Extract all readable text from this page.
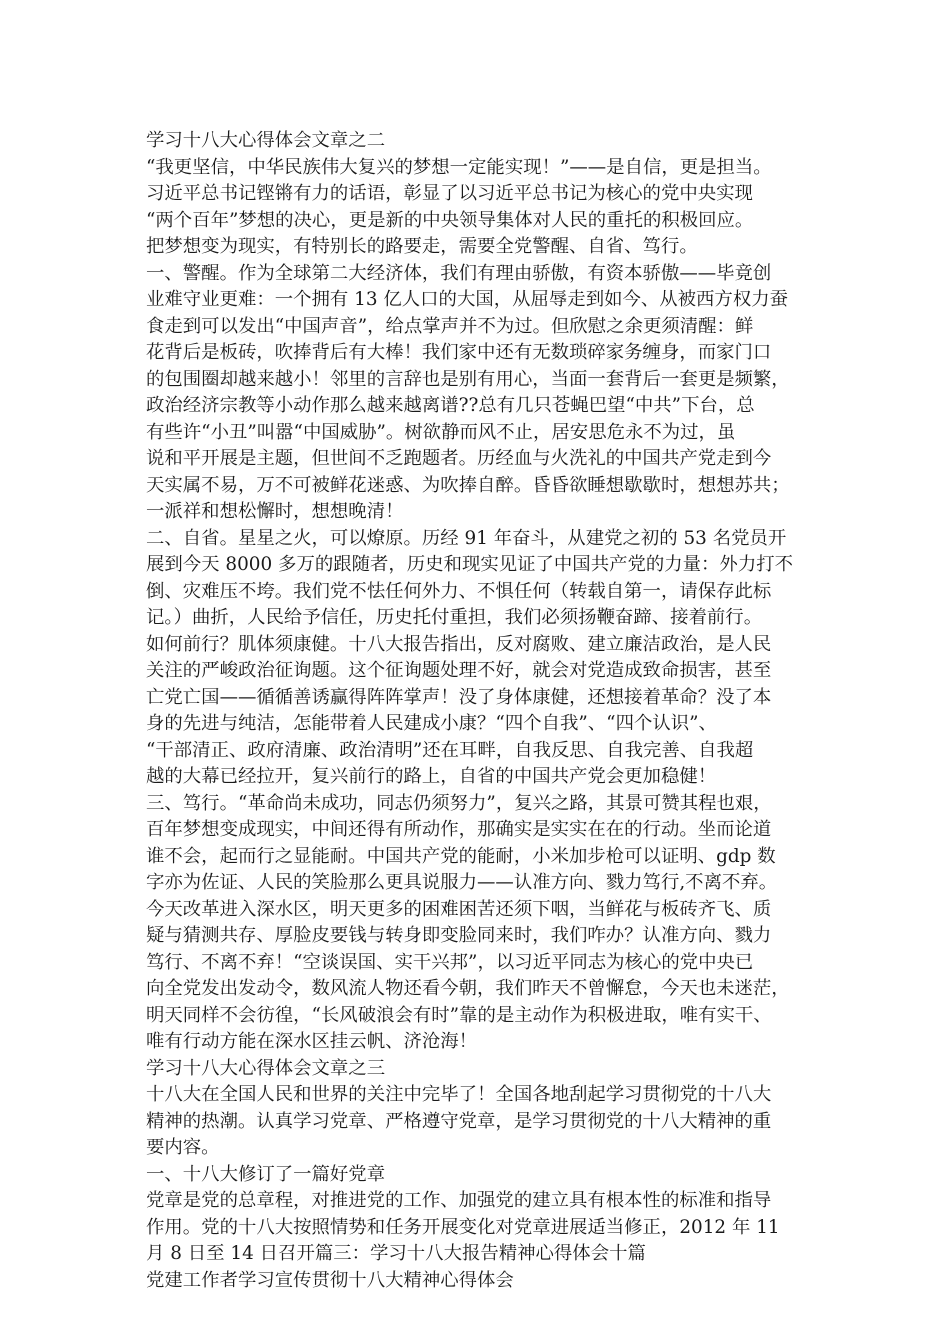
学习十八大心得体会文章之二
“我更坚信，中华民族伟大复兴的梦想一定能实现！”——是自信，更是担当。
习近平总书记铿锵有力的话语，彰显了以习近平总书记为核心的党中央实现
“两个百年”梦想的决心，更是新的中央领导集体对人民的重托的积极回应。
把梦想变为现实，有特别长的路要走，需要全党警醒、自省、笃行。
一、警醒。作为全球第二大经济体，我们有理由骄傲，有资本骄傲——毕竟创
业难守业更难：一个拥有 13 亿人口的大国，从屈辱走到如今、从被西方权力蚕
食走到可以发出“中国声音”，给点掌声并不为过。但欣慰之余更须清醒：鲜
花背后是板砖，吹捧背后有大棒！我们家中还有无数琐碎家务缠身，而家门口
的包围圈却越来越小！邻里的言辞也是别有用心，当面一套背后一套更是频繁，
政治经济宗教等小动作那么越来越离谱??总有几只苍蝇巴望“中共”下台，总
有些许“小丑”叫嚣“中国威胁”。树欲静而风不止，居安思危永不为过，虽
说和平开展是主题，但世间不乏跑题者。历经血与火洗礼的中国共产党走到今
天实属不易，万不可被鲜花迷惑、为吹捧自醉。昏昏欲睡想歇歇时，想想苏共；
一派祥和想松懈时，想想晚清！
二、自省。星星之火，可以燎原。历经 91 年奋斗，从建党之初的 53 名党员开
展到今天 8000 多万的跟随者，历史和现实见证了中国共产党的力量：外力打不
倒、灾难压不垮。我们党不怯任何外力、不惧任何（转载自第一，请保存此标
记。）曲折，人民给予信任，历史托付重担，我们必须扬鞭奋蹄、接着前行。
如何前行？肌体须康健。十八大报告指出，反对腐败、建立廉洁政治，是人民
关注的严峻政治征询题。这个征询题处理不好，就会对党造成致命损害，甚至
亡党亡国——循循善诱赢得阵阵掌声！没了身体康健，还想接着革命？没了本
身的先进与纯洁，怎能带着人民建成小康？“四个自我”、“四个认识”、
“干部清正、政府清廉、政治清明”还在耳畔，自我反思、自我完善、自我超
越的大幕已经拉开，复兴前行的路上，自省的中国共产党会更加稳健！
三、笃行。“革命尚未成功，同志仍须努力”，复兴之路，其景可赞其程也艰，
百年梦想变成现实，中间还得有所动作，那确实是实实在在的行动。坐而论道
谁不会，起而行之显能耐。中国共产党的能耐，小米加步枪可以证明、gdp 数
字亦为佐证、人民的笑脸那么更具说服力——认准方向、戮力笃行,不离不弃。
今天改革进入深水区，明天更多的困难困苦还须下咽，当鲜花与板砖齐飞、质
疑与猜测共存、厚脸皮要钱与转身即变脸同来时，我们咋办？认准方向、戮力
笃行、不离不弃！“空谈误国、实干兴邦”，以习近平同志为核心的党中央已
向全党发出发动令，数风流人物还看今朝，我们昨天不曾懈怠，今天也未迷茫，
明天同样不会彷徨，“长风破浪会有时”靠的是主动作为积极进取，唯有实干、
唯有行动方能在深水区挂云帆、济沧海！
学习十八大心得体会文章之三
十八大在全国人民和世界的关注中完毕了！全国各地刮起学习贯彻党的十八大
精神的热潮。认真学习党章、严格遵守党章，是学习贯彻党的十八大精神的重
要内容。
一、十八大修订了一篇好党章
党章是党的总章程，对推进党的工作、加强党的建立具有根本性的标准和指导
作用。党的十八大按照情势和任务开展变化对党章进展适当修正，2012 年 11
月 8 日至 14 日召开篇三：学习十八大报告精神心得体会十篇
党建工作者学习宣传贯彻十八大精神心得体会
